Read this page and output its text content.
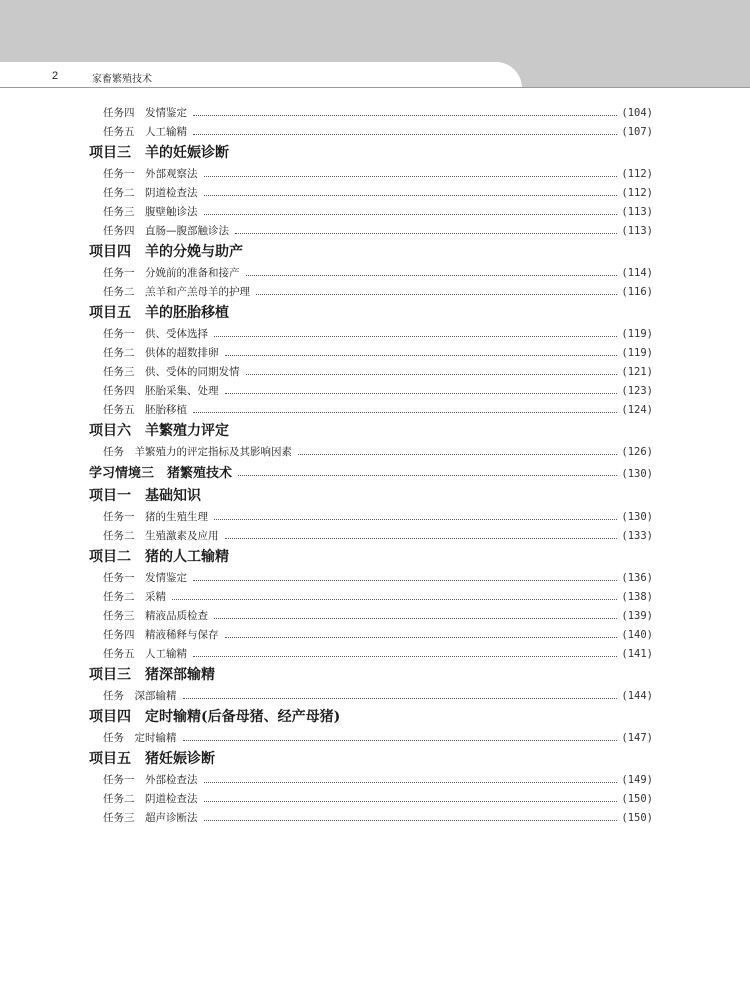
2	家畜繁殖技术
任务四　发情鉴定	(104)
任务五　人工输精	(107)
项目三　羊的妊娠诊断
任务一　外部观察法	(112)
任务二　阴道检查法	(112)
任务三　腹壁触诊法	(113)
任务四　直肠—腹部触诊法	(113)
项目四　羊的分娩与助产
任务一　分娩前的准备和接产	(114)
任务二　羔羊和产羔母羊的护理	(116)
项目五　羊的胚胎移植
任务一　供、受体选择	(119)
任务二　供体的超数排卵	(119)
任务三　供、受体的同期发情	(121)
任务四　胚胎采集、处理	(123)
任务五　胚胎移植	(124)
项目六　羊繁殖力评定
任务　羊繁殖力的评定指标及其影响因素	(126)
学习情境三　猪繁殖技术	(130)
项目一　基础知识
任务一　猪的生殖生理	(130)
任务二　生殖激素及应用	(133)
项目二　猪的人工输精
任务一　发情鉴定	(136)
任务二　采精	(138)
任务三　精液品质检查	(139)
任务四　精液稀释与保存	(140)
任务五　人工输精	(141)
项目三　猪深部输精
任务　深部输精	(144)
项目四　定时输精(后备母猪、经产母猪)
任务　定时输精	(147)
项目五　猪妊娠诊断
任务一　外部检查法	(149)
任务二　阴道检查法	(150)
任务三　超声诊断法	(150)
